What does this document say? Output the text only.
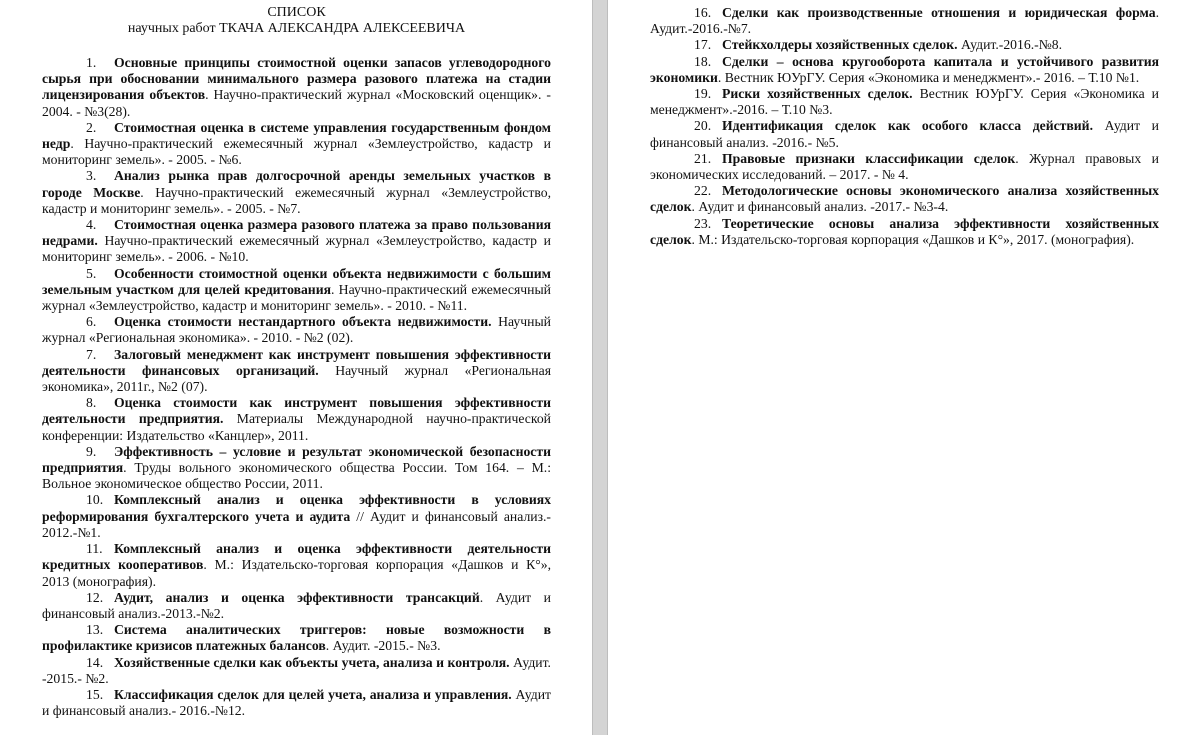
СПИСОК

научных работ ТКАЧА АЛЕКСАНДРА АЛЕКСЕЕВИЧА

1. Основные принципы стоимостной оценки запасов углеводородного сырья при обосновании минимального размера разового платежа на стадии лицензирования объектов. Научно-практический журнал «Московский оценщик». - 2004. - №3(28).

2. Стоимостная оценка в системе управления государственным фондом недр. Научно-практический ежемесячный журнал «Землеустройство, кадастр и мониторинг земель». - 2005. - №6.

3. Анализ рынка прав долгосрочной аренды земельных участков в городе Москве. Научно-практический ежемесячный журнал «Землеустройство, кадастр и мониторинг земель». - 2005. - №7.

4. Стоимостная оценка размера разового платежа за право пользования недрами. Научно-практический ежемесячный журнал «Землеустройство, кадастр и мониторинг земель». - 2006. - №10.

5. Особенности стоимостной оценки объекта недвижимости с большим земельным участком для целей кредитования. Научно-практический ежемесячный журнал «Землеустройство, кадастр и мониторинг земель». - 2010. - №11.

6. Оценка стоимости нестандартного объекта недвижимости. Научный журнал «Региональная экономика». - 2010. - №2 (02).

7. Залоговый менеджмент как инструмент повышения эффективности деятельности финансовых организаций. Научный журнал «Региональная экономика», 2011г., №2 (07).

8. Оценка стоимости как инструмент повышения эффективности деятельности предприятия. Материалы Международной научно-практической конференции: Издательство «Канцлер», 2011.

9. Эффективность – условие и результат экономической безопасности предприятия. Труды вольного экономического общества России. Том 164. – М.: Вольное экономическое общество России, 2011.

10. Комплексный анализ и оценка эффективности в условиях реформирования бухгалтерского учета и аудита // Аудит и финансовый анализ.- 2012.-№1.

11. Комплексный анализ и оценка эффективности деятельности кредитных кооперативов. М.: Издательско-торговая корпорация «Дашков и К°», 2013 (монография).

12. Аудит, анализ и оценка эффективности трансакций. Аудит и финансовый анализ.-2013.-№2.

13. Система аналитических триггеров: новые возможности в профилактике кризисов платежных балансов. Аудит. -2015.- №3.

14. Хозяйственные сделки как объекты учета, анализа и контроля. Аудит. -2015.- №2.

15. Классификация сделок для целей учета, анализа и управления. Аудит и финансовый анализ.- 2016.-№12.

16. Сделки как производственные отношения и юридическая форма. Аудит.-2016.-№7.

17. Стейкхолдеры хозяйственных сделок. Аудит.-2016.-№8.

18. Сделки – основа кругооборота капитала и устойчивого развития экономики. Вестник ЮУрГУ. Серия «Экономика и менеджмент».- 2016. – Т.10 №1.

19. Риски хозяйственных сделок. Вестник ЮУрГУ. Серия «Экономика и менеджмент».-2016. – Т.10 №3.

20. Идентификация сделок как особого класса действий. Аудит и финансовый анализ. -2016.- №5.

21. Правовые признаки классификации сделок. Журнал правовых и экономических исследований. – 2017. - № 4.

22. Методологические основы экономического анализа хозяйственных сделок. Аудит и финансовый анализ. -2017.- №3-4.

23. Теоретические основы анализа эффективности хозяйственных сделок. М.: Издательско-торговая корпорация «Дашков и К°», 2017. (монография).
